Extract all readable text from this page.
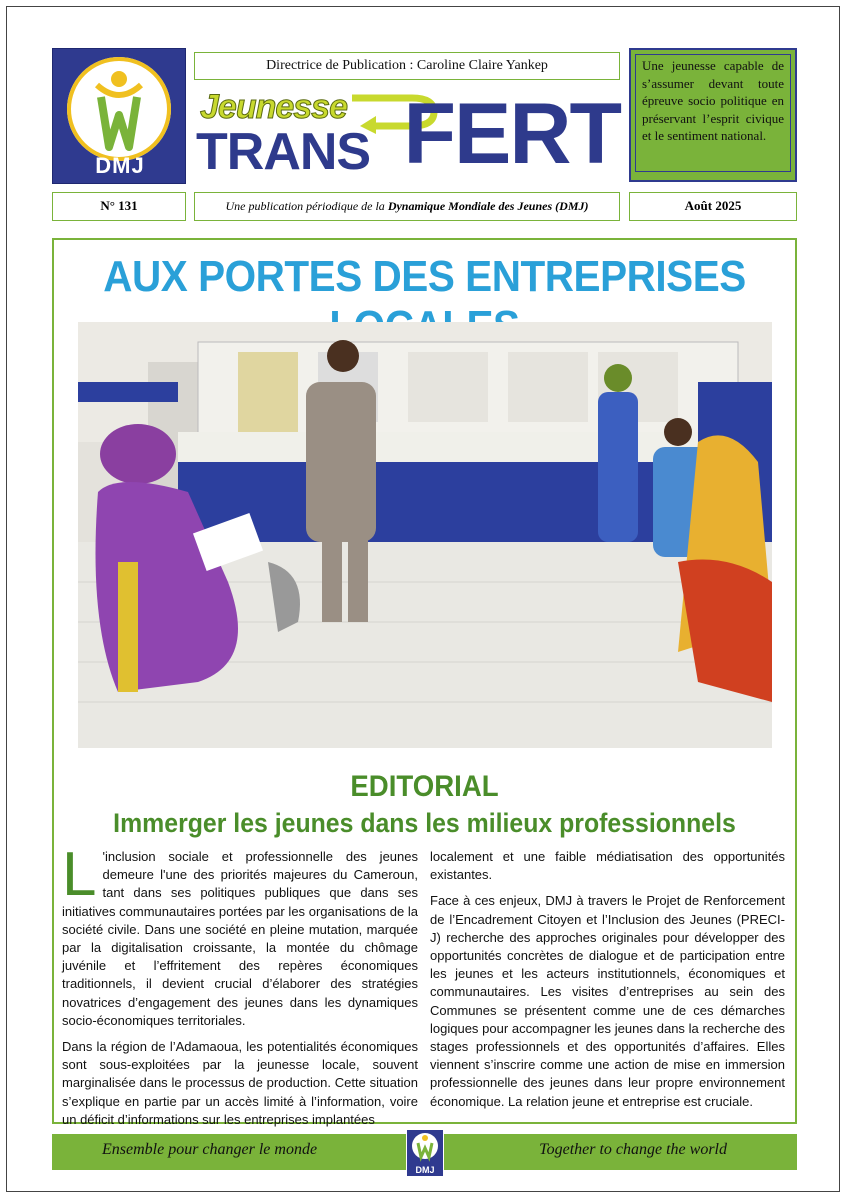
DMJ
Directrice de Publication : Caroline Claire Yankep
Jeunesse
TRANS FERT
Une jeunesse capable de s’assumer devant toute épreuve socio politique en préservant l’esprit civique et le sentiment national.
N° 131	Une publication périodique de la Dynamique Mondiale des Jeunes (DMJ)	Août 2025
AUX PORTES DES ENTREPRISES
EDITORIAL
Immerger les jeunes dans les milieux professionnels

L 'inclusion sociale et professionnelle des jeunes demeure l'une des priorités majeures du Cameroun, tant dans ses politiques publiques que dans ses initiatives communautaires portées par les organisations de la société civile. Dans une société en pleine mutation, marquée par la digitalisation croissante, la montée du chômage juvénile et l’effritement des repères économiques traditionnels, il devient crucial d’élaborer des stratégies novatrices d’engagement des jeunes dans les dynamiques socio-économiques territoriales.

Dans la région de l’Adamaoua, les potentialités économiques sont sous-exploitées par la jeunesse locale, souvent marginalisée dans le processus de production. Cette situation s’explique en partie par un accès limité à l’information, voire un déficit d’informations sur les entreprises implantées

localement et une faible médiatisation des opportunités existantes.

Face à ces enjeux, DMJ à travers le Projet de Renforcement de l’Encadrement Citoyen et l’Inclusion des Jeunes (PRECI-J) recherche des approches originales pour développer des opportunités concrètes de dialogue et de participation entre les jeunes et les acteurs institutionnels, économiques et communautaires. Les visites d’entreprises au sein des Communes se présentent comme une de ces démarches logiques pour accompagner les jeunes dans la recherche des stages professionnels et des opportunités d’affaires. Elles viennent s’inscrire comme une action de mise en immersion professionnelle des jeunes dans leur propre environnement économique. La relation jeune et entreprise est cruciale.

Ensemble pour changer le monde
DMJ
Together to change the world
